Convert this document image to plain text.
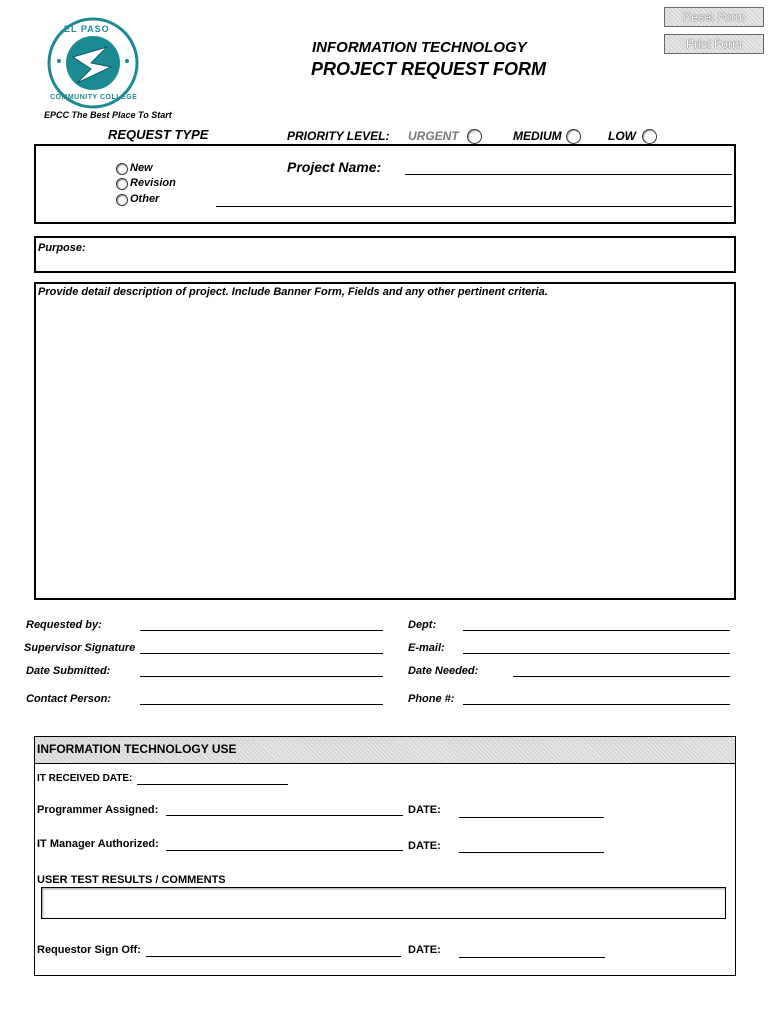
Reset Form
Print Form
EL PASO
COMMUNITY COLLEGE
EPCC The Best Place To Start
INFORMATION TECHNOLOGY
PROJECT REQUEST FORM
REQUEST TYPE	PRIORITY LEVEL: URGENT	MEDIUM	LOW
New
Revision
Other
Project Name:
Purpose:
Provide detail description of project. Include Banner Form, Fields and any other pertinent criteria.
Requested by:	Dept:
Supervisor Signature	E-mail:
Date Submitted:	Date Needed:
Contact Person:	Phone #:
INFORMATION TECHNOLOGY USE
IT RECEIVED DATE:
Programmer Assigned:	DATE:
IT Manager Authorized:	DATE:
USER TEST RESULTS / COMMENTS
Requestor Sign Off:	DATE:
